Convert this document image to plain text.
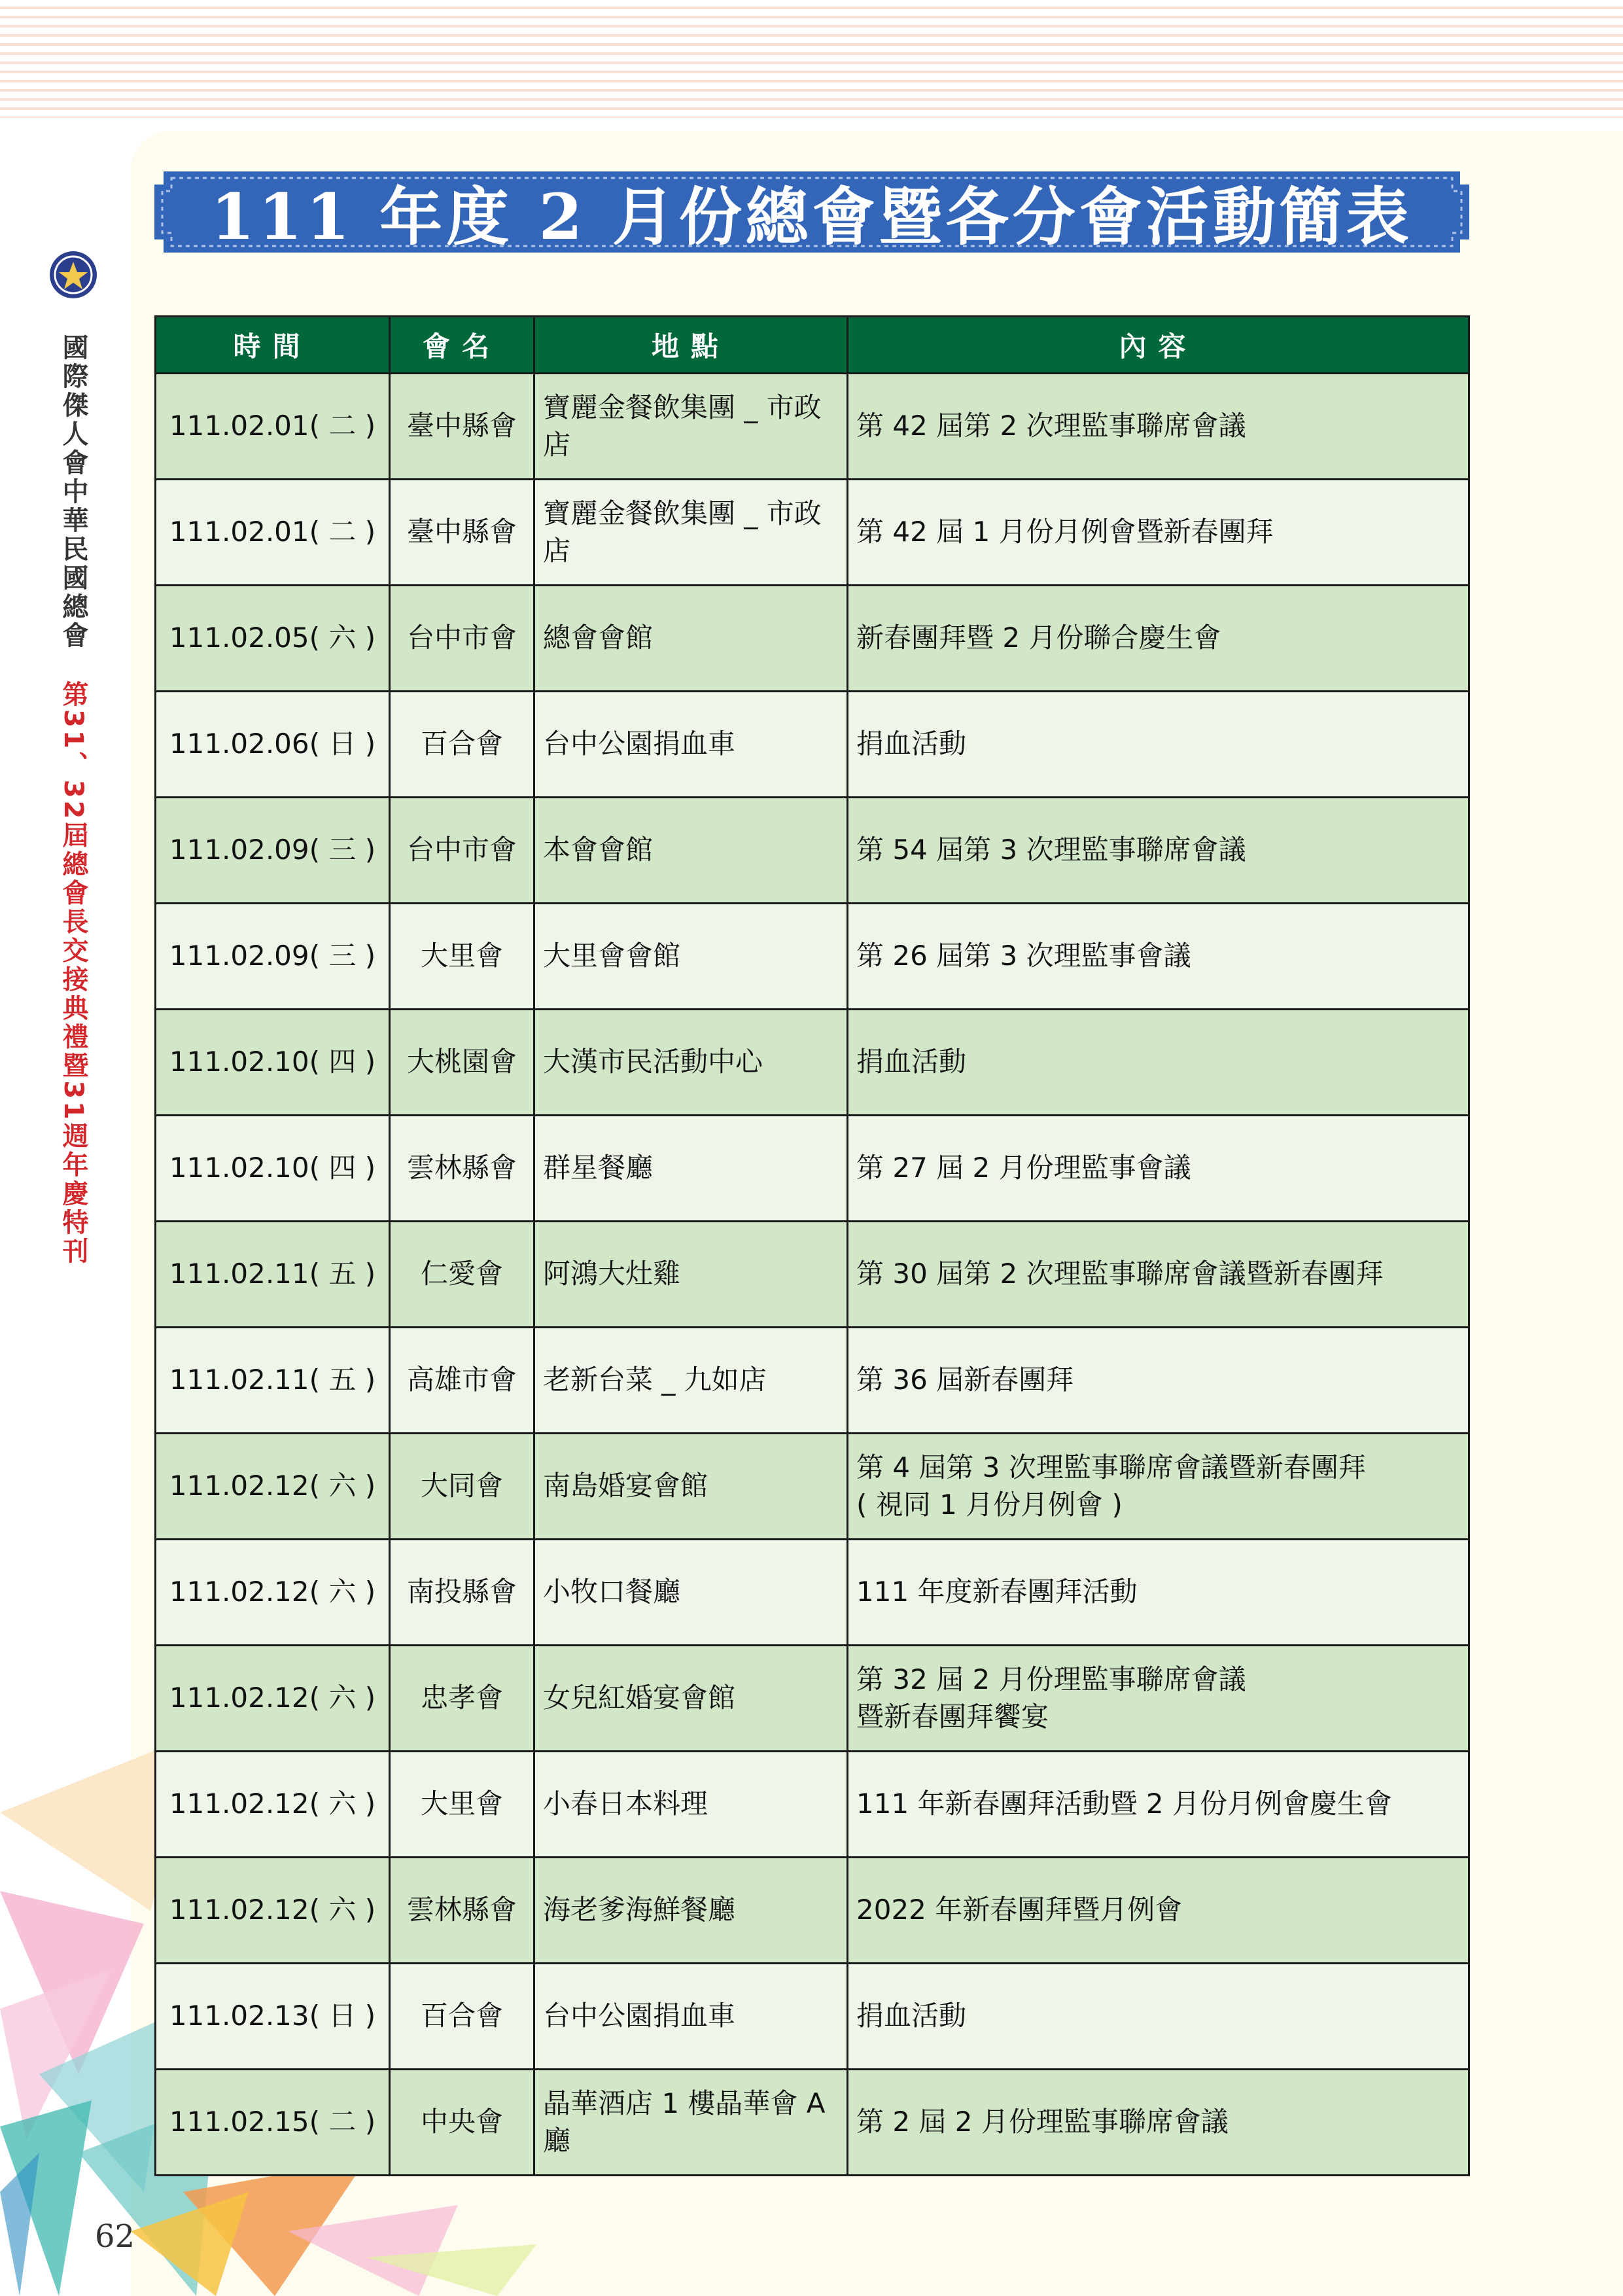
62
國際傑人會中華民國總會
第31、32屆總會長交接典禮暨31週年慶特刊
111 年度 2 月份總會暨各分會活動簡表
時間	會名	地點	內容
111.02.01( 二 )	臺中縣會	寶麗金餐飲集團 _ 市政店	第 42 屆第 2 次理監事聯席會議
111.02.01( 二 )	臺中縣會	寶麗金餐飲集團 _ 市政店	第 42 屆 1 月份月例會暨新春團拜
111.02.05( 六 )	台中市會	總會會館	新春團拜暨 2 月份聯合慶生會
111.02.06( 日 )	百合會	台中公園捐血車	捐血活動
111.02.09( 三 )	台中市會	本會會館	第 54 屆第 3 次理監事聯席會議
111.02.09( 三 )	大里會	大里會會館	第 26 屆第 3 次理監事會議
111.02.10( 四 )	大桃園會	大漢市民活動中心	捐血活動
111.02.10( 四 )	雲林縣會	群星餐廳	第 27 屆 2 月份理監事會議
111.02.11( 五 )	仁愛會	阿鴻大灶雞	第 30 屆第 2 次理監事聯席會議暨新春團拜
111.02.11( 五 )	高雄市會	老新台菜 _ 九如店	第 36 屆新春團拜
111.02.12( 六 )	大同會	南島婚宴會館	第 4 屆第 3 次理監事聯席會議暨新春團拜
( 視同 1 月份月例會 )
111.02.12( 六 )	南投縣會	小牧口餐廳	111 年度新春團拜活動
111.02.12( 六 )	忠孝會	女兒紅婚宴會館	第 32 屆 2 月份理監事聯席會議
暨新春團拜饗宴
111.02.12( 六 )	大里會	小春日本料理	111 年新春團拜活動暨 2 月份月例會慶生會
111.02.12( 六 )	雲林縣會	海老爹海鮮餐廳	2022 年新春團拜暨月例會
111.02.13( 日 )	百合會	台中公園捐血車	捐血活動
111.02.15( 二 )	中央會	晶華酒店 1 樓晶華會 A 廳	第 2 屆 2 月份理監事聯席會議
